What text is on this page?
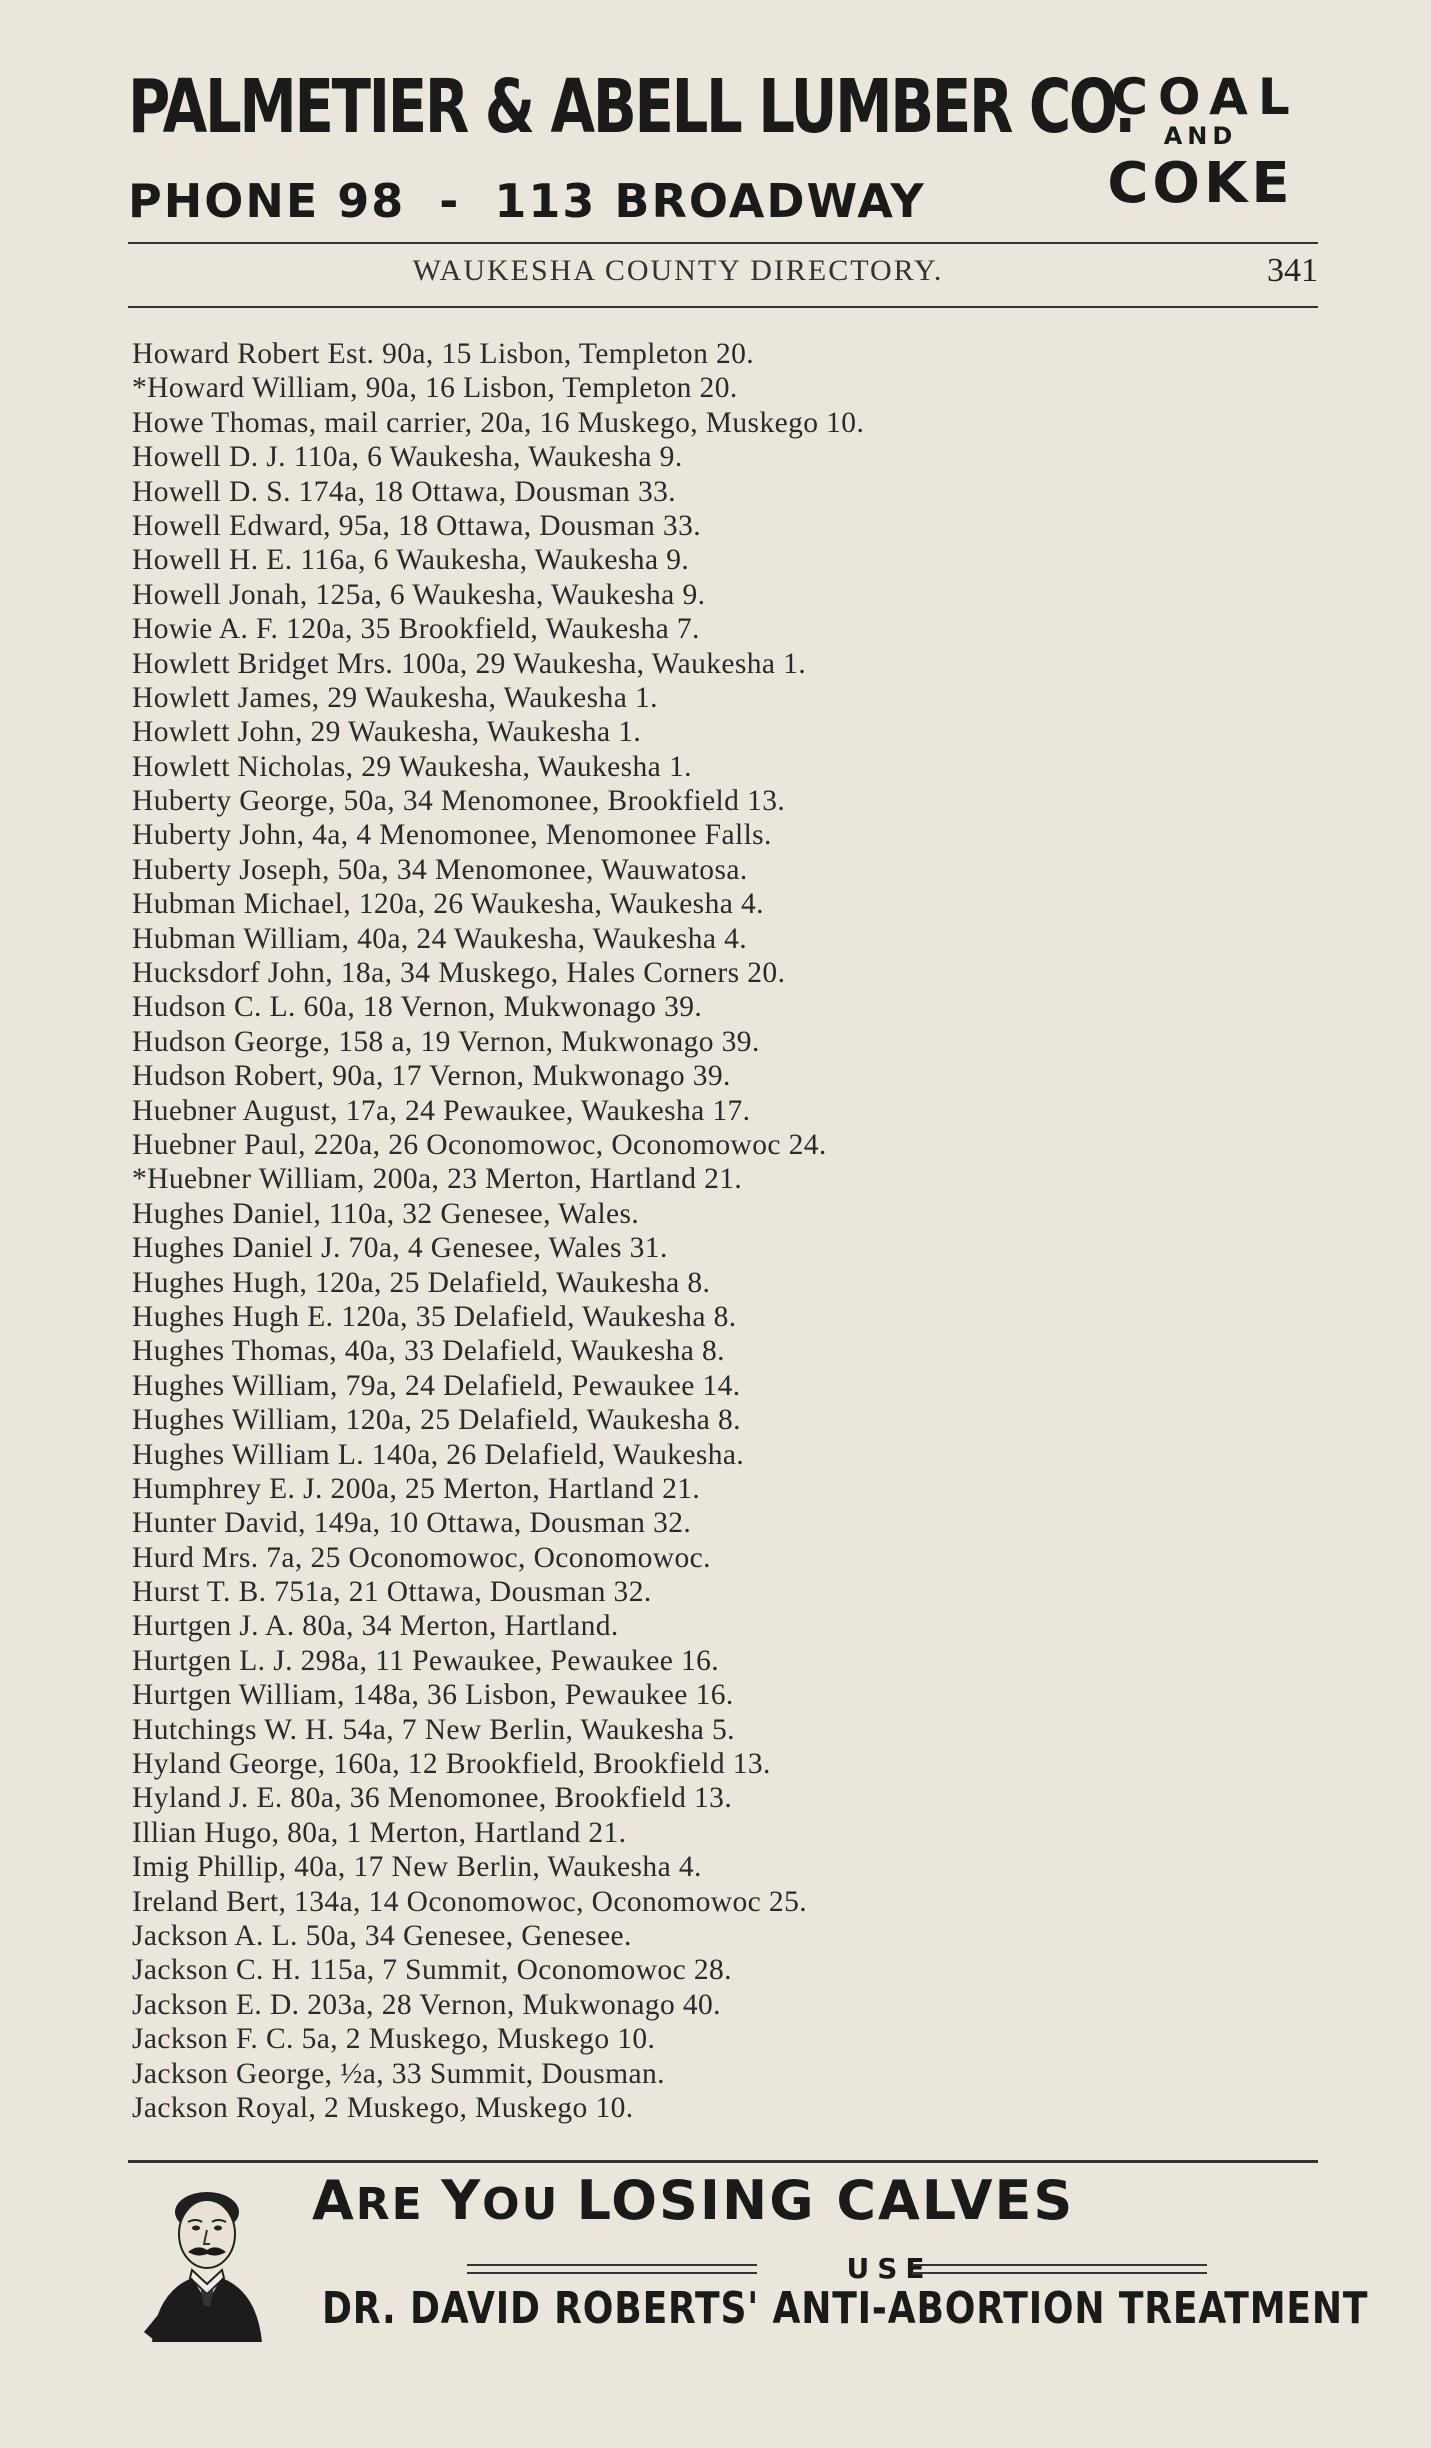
PALMETIER & ABELL LUMBER CO.
PHONE 98 - 113 BROADWAY
COAL
AND
COKE
WAUKESHA COUNTY DIRECTORY.	341
Howard Robert Est. 90a, 15 Lisbon, Templeton 20.
*Howard William, 90a, 16 Lisbon, Templeton 20.
Howe Thomas, mail carrier, 20a, 16 Muskego, Muskego 10.
Howell D. J. 110a, 6 Waukesha, Waukesha 9.
Howell D. S. 174a, 18 Ottawa, Dousman 33.
Howell Edward, 95a, 18 Ottawa, Dousman 33.
Howell H. E. 116a, 6 Waukesha, Waukesha 9.
Howell Jonah, 125a, 6 Waukesha, Waukesha 9.
Howie A. F. 120a, 35 Brookfield, Waukesha 7.
Howlett Bridget Mrs. 100a, 29 Waukesha, Waukesha 1.
Howlett James, 29 Waukesha, Waukesha 1.
Howlett John, 29 Waukesha, Waukesha 1.
Howlett Nicholas, 29 Waukesha, Waukesha 1.
Huberty George, 50a, 34 Menomonee, Brookfield 13.
Huberty John, 4a, 4 Menomonee, Menomonee Falls.
Huberty Joseph, 50a, 34 Menomonee, Wauwatosa.
Hubman Michael, 120a, 26 Waukesha, Waukesha 4.
Hubman William, 40a, 24 Waukesha, Waukesha 4.
Hucksdorf John, 18a, 34 Muskego, Hales Corners 20.
Hudson C. L. 60a, 18 Vernon, Mukwonago 39.
Hudson George, 158 a, 19 Vernon, Mukwonago 39.
Hudson Robert, 90a, 17 Vernon, Mukwonago 39.
Huebner August, 17a, 24 Pewaukee, Waukesha 17.
Huebner Paul, 220a, 26 Oconomowoc, Oconomowoc 24.
*Huebner William, 200a, 23 Merton, Hartland 21.
Hughes Daniel, 110a, 32 Genesee, Wales.
Hughes Daniel J. 70a, 4 Genesee, Wales 31.
Hughes Hugh, 120a, 25 Delafield, Waukesha 8.
Hughes Hugh E. 120a, 35 Delafield, Waukesha 8.
Hughes Thomas, 40a, 33 Delafield, Waukesha 8.
Hughes William, 79a, 24 Delafield, Pewaukee 14.
Hughes William, 120a, 25 Delafield, Waukesha 8.
Hughes William L. 140a, 26 Delafield, Waukesha.
Humphrey E. J. 200a, 25 Merton, Hartland 21.
Hunter David, 149a, 10 Ottawa, Dousman 32.
Hurd Mrs. 7a, 25 Oconomowoc, Oconomowoc.
Hurst T. B. 751a, 21 Ottawa, Dousman 32.
Hurtgen J. A. 80a, 34 Merton, Hartland.
Hurtgen L. J. 298a, 11 Pewaukee, Pewaukee 16.
Hurtgen William, 148a, 36 Lisbon, Pewaukee 16.
Hutchings W. H. 54a, 7 New Berlin, Waukesha 5.
Hyland George, 160a, 12 Brookfield, Brookfield 13.
Hyland J. E. 80a, 36 Menomonee, Brookfield 13.
Illian Hugo, 80a, 1 Merton, Hartland 21.
Imig Phillip, 40a, 17 New Berlin, Waukesha 4.
Ireland Bert, 134a, 14 Oconomowoc, Oconomowoc 25.
Jackson A. L. 50a, 34 Genesee, Genesee.
Jackson C. H. 115a, 7 Summit, Oconomowoc 28.
Jackson E. D. 203a, 28 Vernon, Mukwonago 40.
Jackson F. C. 5a, 2 Muskego, Muskego 10.
Jackson George, ½a, 33 Summit, Dousman.
Jackson Royal, 2 Muskego, Muskego 10.
ARE YOU LOSING CALVES
USE
DR. DAVID ROBERTS' ANTI-ABORTION TREATMENT
